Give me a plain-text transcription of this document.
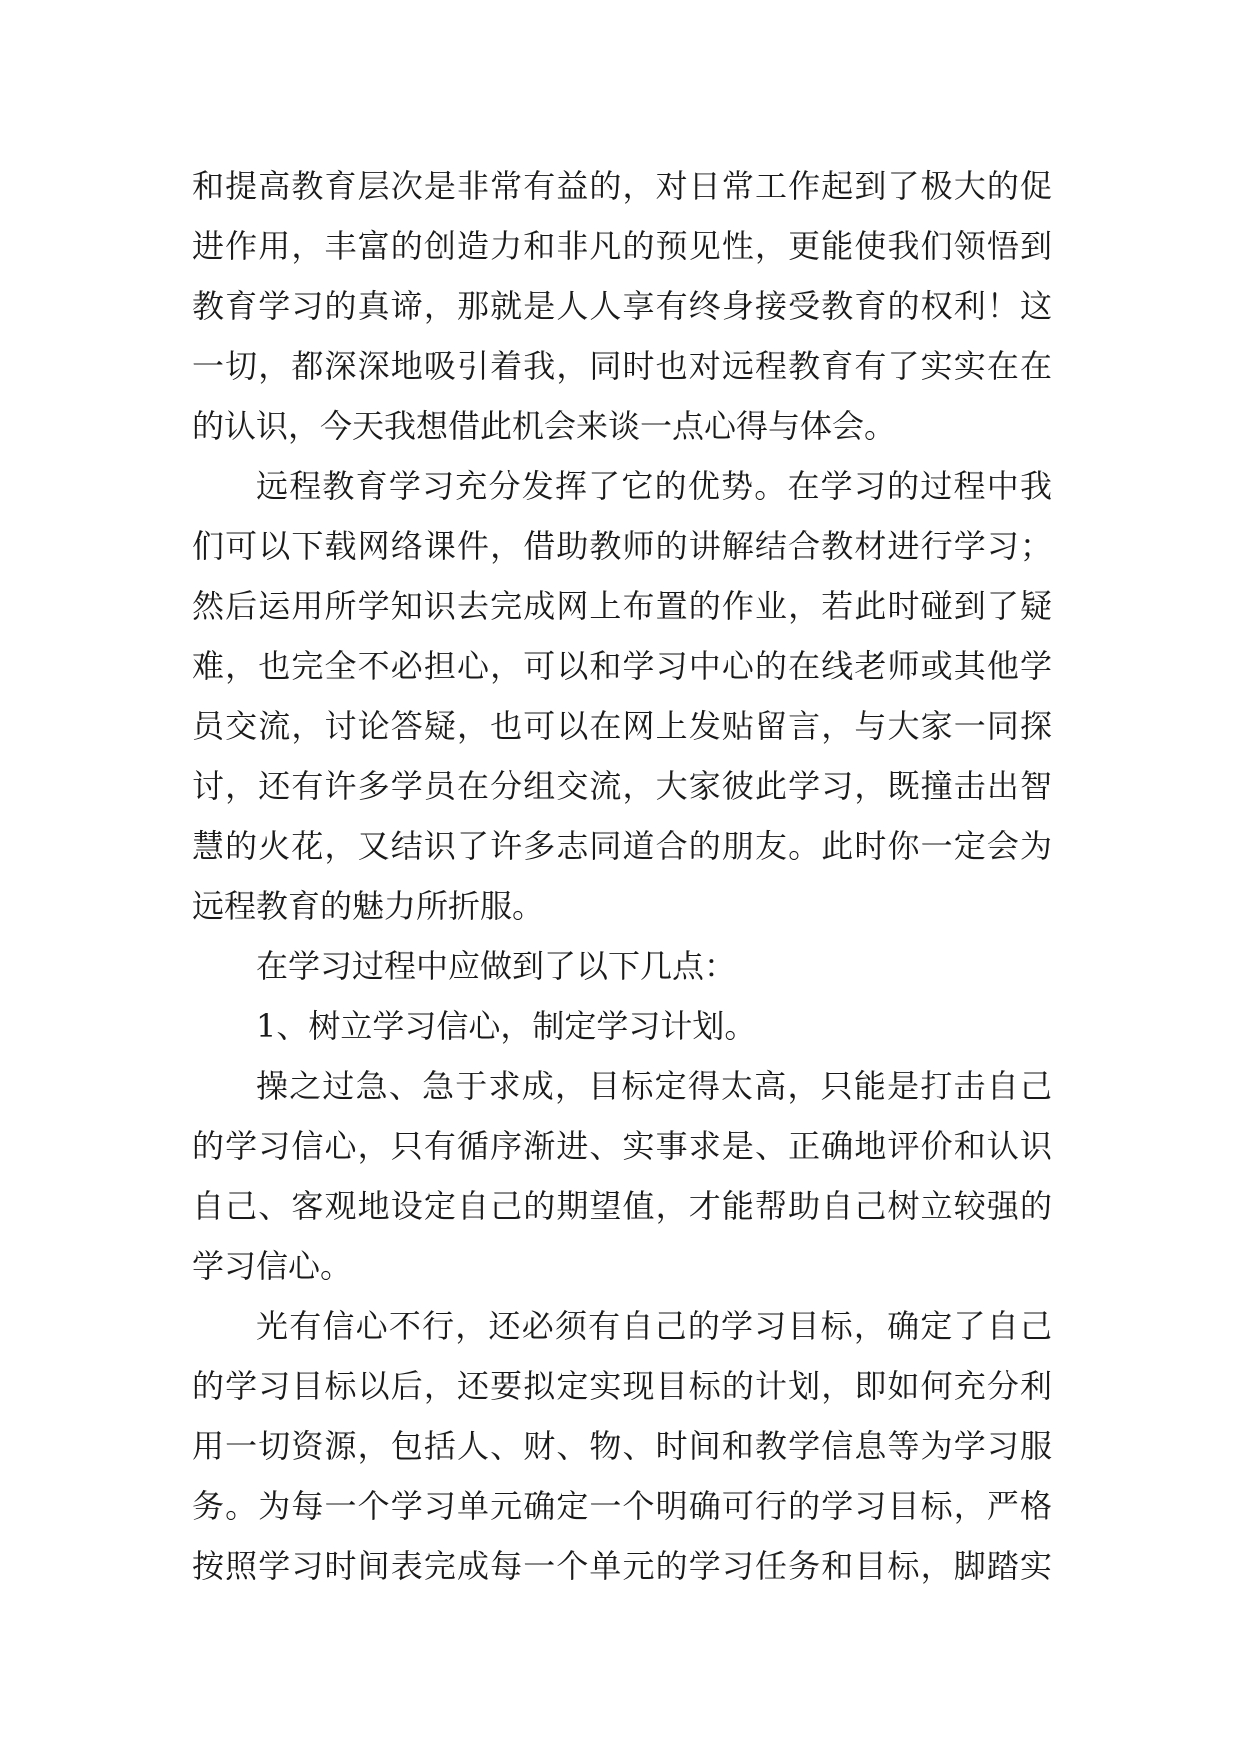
和提高教育层次是非常有益的，对日常工作起到了极大的促
进作用，丰富的创造力和非凡的预见性，更能使我们领悟到
教育学习的真谛，那就是人人享有终身接受教育的权利！这
一切，都深深地吸引着我，同时也对远程教育有了实实在在
的认识，今天我想借此机会来谈一点心得与体会。
远程教育学习充分发挥了它的优势。在学习的过程中我
们可以下载网络课件，借助教师的讲解结合教材进行学习；
然后运用所学知识去完成网上布置的作业，若此时碰到了疑
难，也完全不必担心，可以和学习中心的在线老师或其他学
员交流，讨论答疑，也可以在网上发贴留言，与大家一同探
讨，还有许多学员在分组交流，大家彼此学习，既撞击出智
慧的火花，又结识了许多志同道合的朋友。此时你一定会为
远程教育的魅力所折服。
在学习过程中应做到了以下几点：
1、树立学习信心，制定学习计划。
操之过急、急于求成，目标定得太高，只能是打击自己
的学习信心，只有循序渐进、实事求是、正确地评价和认识
自己、客观地设定自己的期望值，才能帮助自己树立较强的
学习信心。
光有信心不行，还必须有自己的学习目标，确定了自己
的学习目标以后，还要拟定实现目标的计划，即如何充分利
用一切资源，包括人、财、物、时间和教学信息等为学习服
务。为每一个学习单元确定一个明确可行的学习目标，严格
按照学习时间表完成每一个单元的学习任务和目标，脚踏实
